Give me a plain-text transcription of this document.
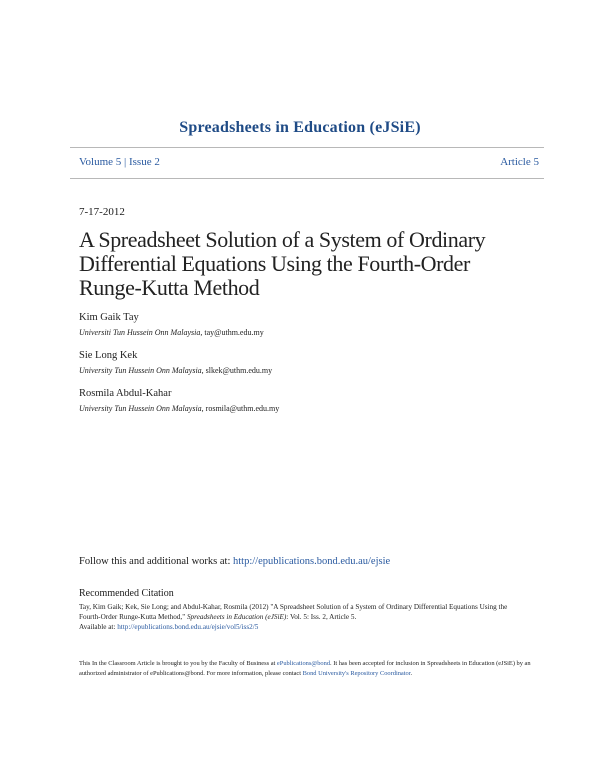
Spreadsheets in Education (eJSiE)
Volume 5 | Issue 2	Article 5
7-17-2012
A Spreadsheet Solution of a System of Ordinary Differential Equations Using the Fourth-Order Runge-Kutta Method
Kim Gaik Tay
Universiti Tun Hussein Onn Malaysia, tay@uthm.edu.my
Sie Long Kek
University Tun Hussein Onn Malaysia, slkek@uthm.edu.my
Rosmila Abdul-Kahar
University Tun Hussein Onn Malaysia, rosmila@uthm.edu.my
Follow this and additional works at: http://epublications.bond.edu.au/ejsie
Recommended Citation
Tay, Kim Gaik; Kek, Sie Long; and Abdul-Kahar, Rosmila (2012) "A Spreadsheet Solution of a System of Ordinary Differential Equations Using the Fourth-Order Runge-Kutta Method," Spreadsheets in Education (eJSiE): Vol. 5: Iss. 2, Article 5.
Available at: http://epublications.bond.edu.au/ejsie/vol5/iss2/5
This In the Classroom Article is brought to you by the Faculty of Business at ePublications@bond. It has been accepted for inclusion in Spreadsheets in Education (eJSiE) by an authorized administrator of ePublications@bond. For more information, please contact Bond University's Repository Coordinator.
